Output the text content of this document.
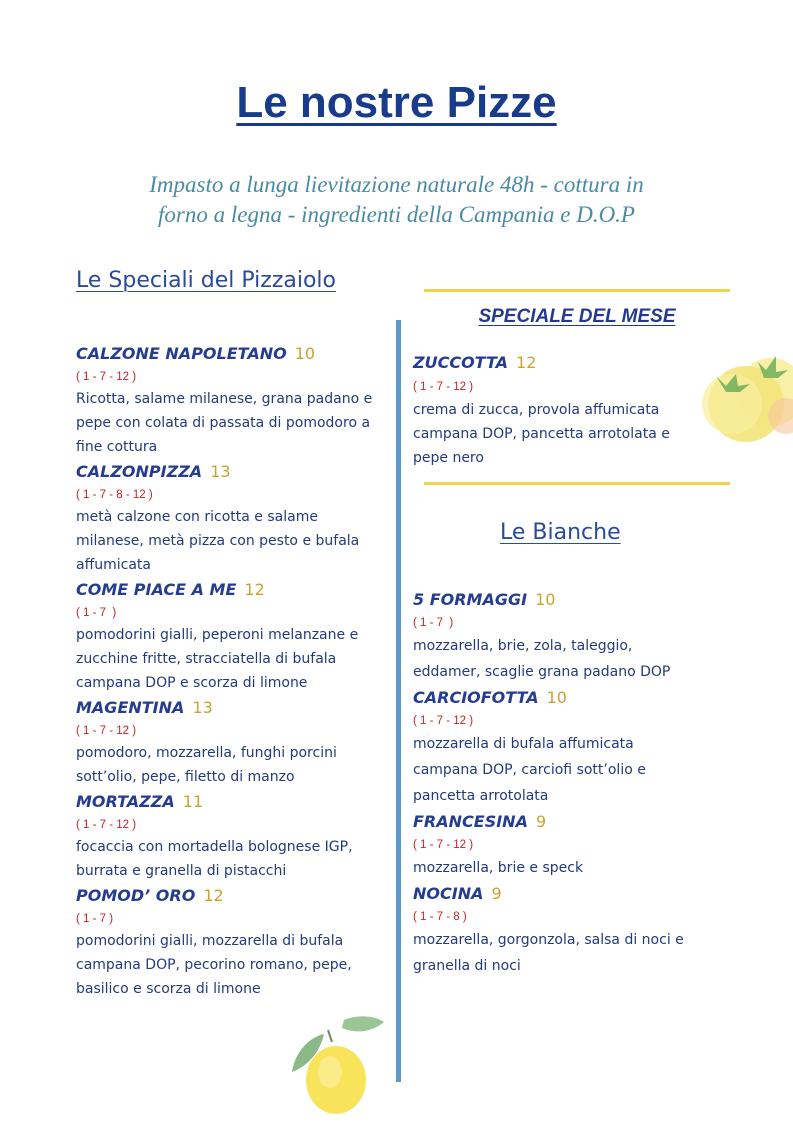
Le nostre Pizze
Impasto a lunga lievitazione naturale 48h - cottura in
forno a legna - ingredienti della Campania e D.O.P
Le Speciali del Pizzaiolo
CALZONE NAPOLETANO 10
( 1 - 7 - 12 )
Ricotta, salame milanese, grana padano e
pepe con colata di passata di pomodoro a
fine cottura
CALZONPIZZA 13
( 1 - 7 - 8 - 12 )
metà calzone con ricotta e salame
milanese, metà pizza con pesto e bufala
affumicata
COME PIACE A ME 12
( 1 - 7  )
pomodorini gialli, peperoni melanzane e
zucchine fritte, stracciatella di bufala
campana DOP e scorza di limone
MAGENTINA 13
( 1 - 7 - 12 )
pomodoro, mozzarella, funghi porcini
sott’olio, pepe, filetto di manzo
MORTAZZA 11
( 1 - 7 - 12 )
focaccia con mortadella bolognese IGP,
burrata e granella di pistacchi
POMOD’ ORO 12
( 1 - 7 )
pomodorini gialli, mozzarella di bufala
campana DOP, pecorino romano, pepe,
basilico e scorza di limone
SPECIALE DEL MESE
ZUCCOTTA 12
( 1 - 7 - 12 )
crema di zucca, provola affumicata
campana DOP, pancetta arrotolata e
pepe nero
Le Bianche
5 FORMAGGI 10
( 1 - 7  )
mozzarella, brie, zola, taleggio,
eddamer, scaglie grana padano DOP
CARCIOFOTTA 10
( 1 - 7 - 12 )
mozzarella di bufala affumicata
campana DOP, carciofi sott’olio e
pancetta arrotolata
FRANCESINA 9
( 1 - 7 - 12 )
mozzarella, brie e speck
NOCINA 9
( 1 - 7 - 8 )
mozzarella, gorgonzola, salsa di noci e
granella di noci
